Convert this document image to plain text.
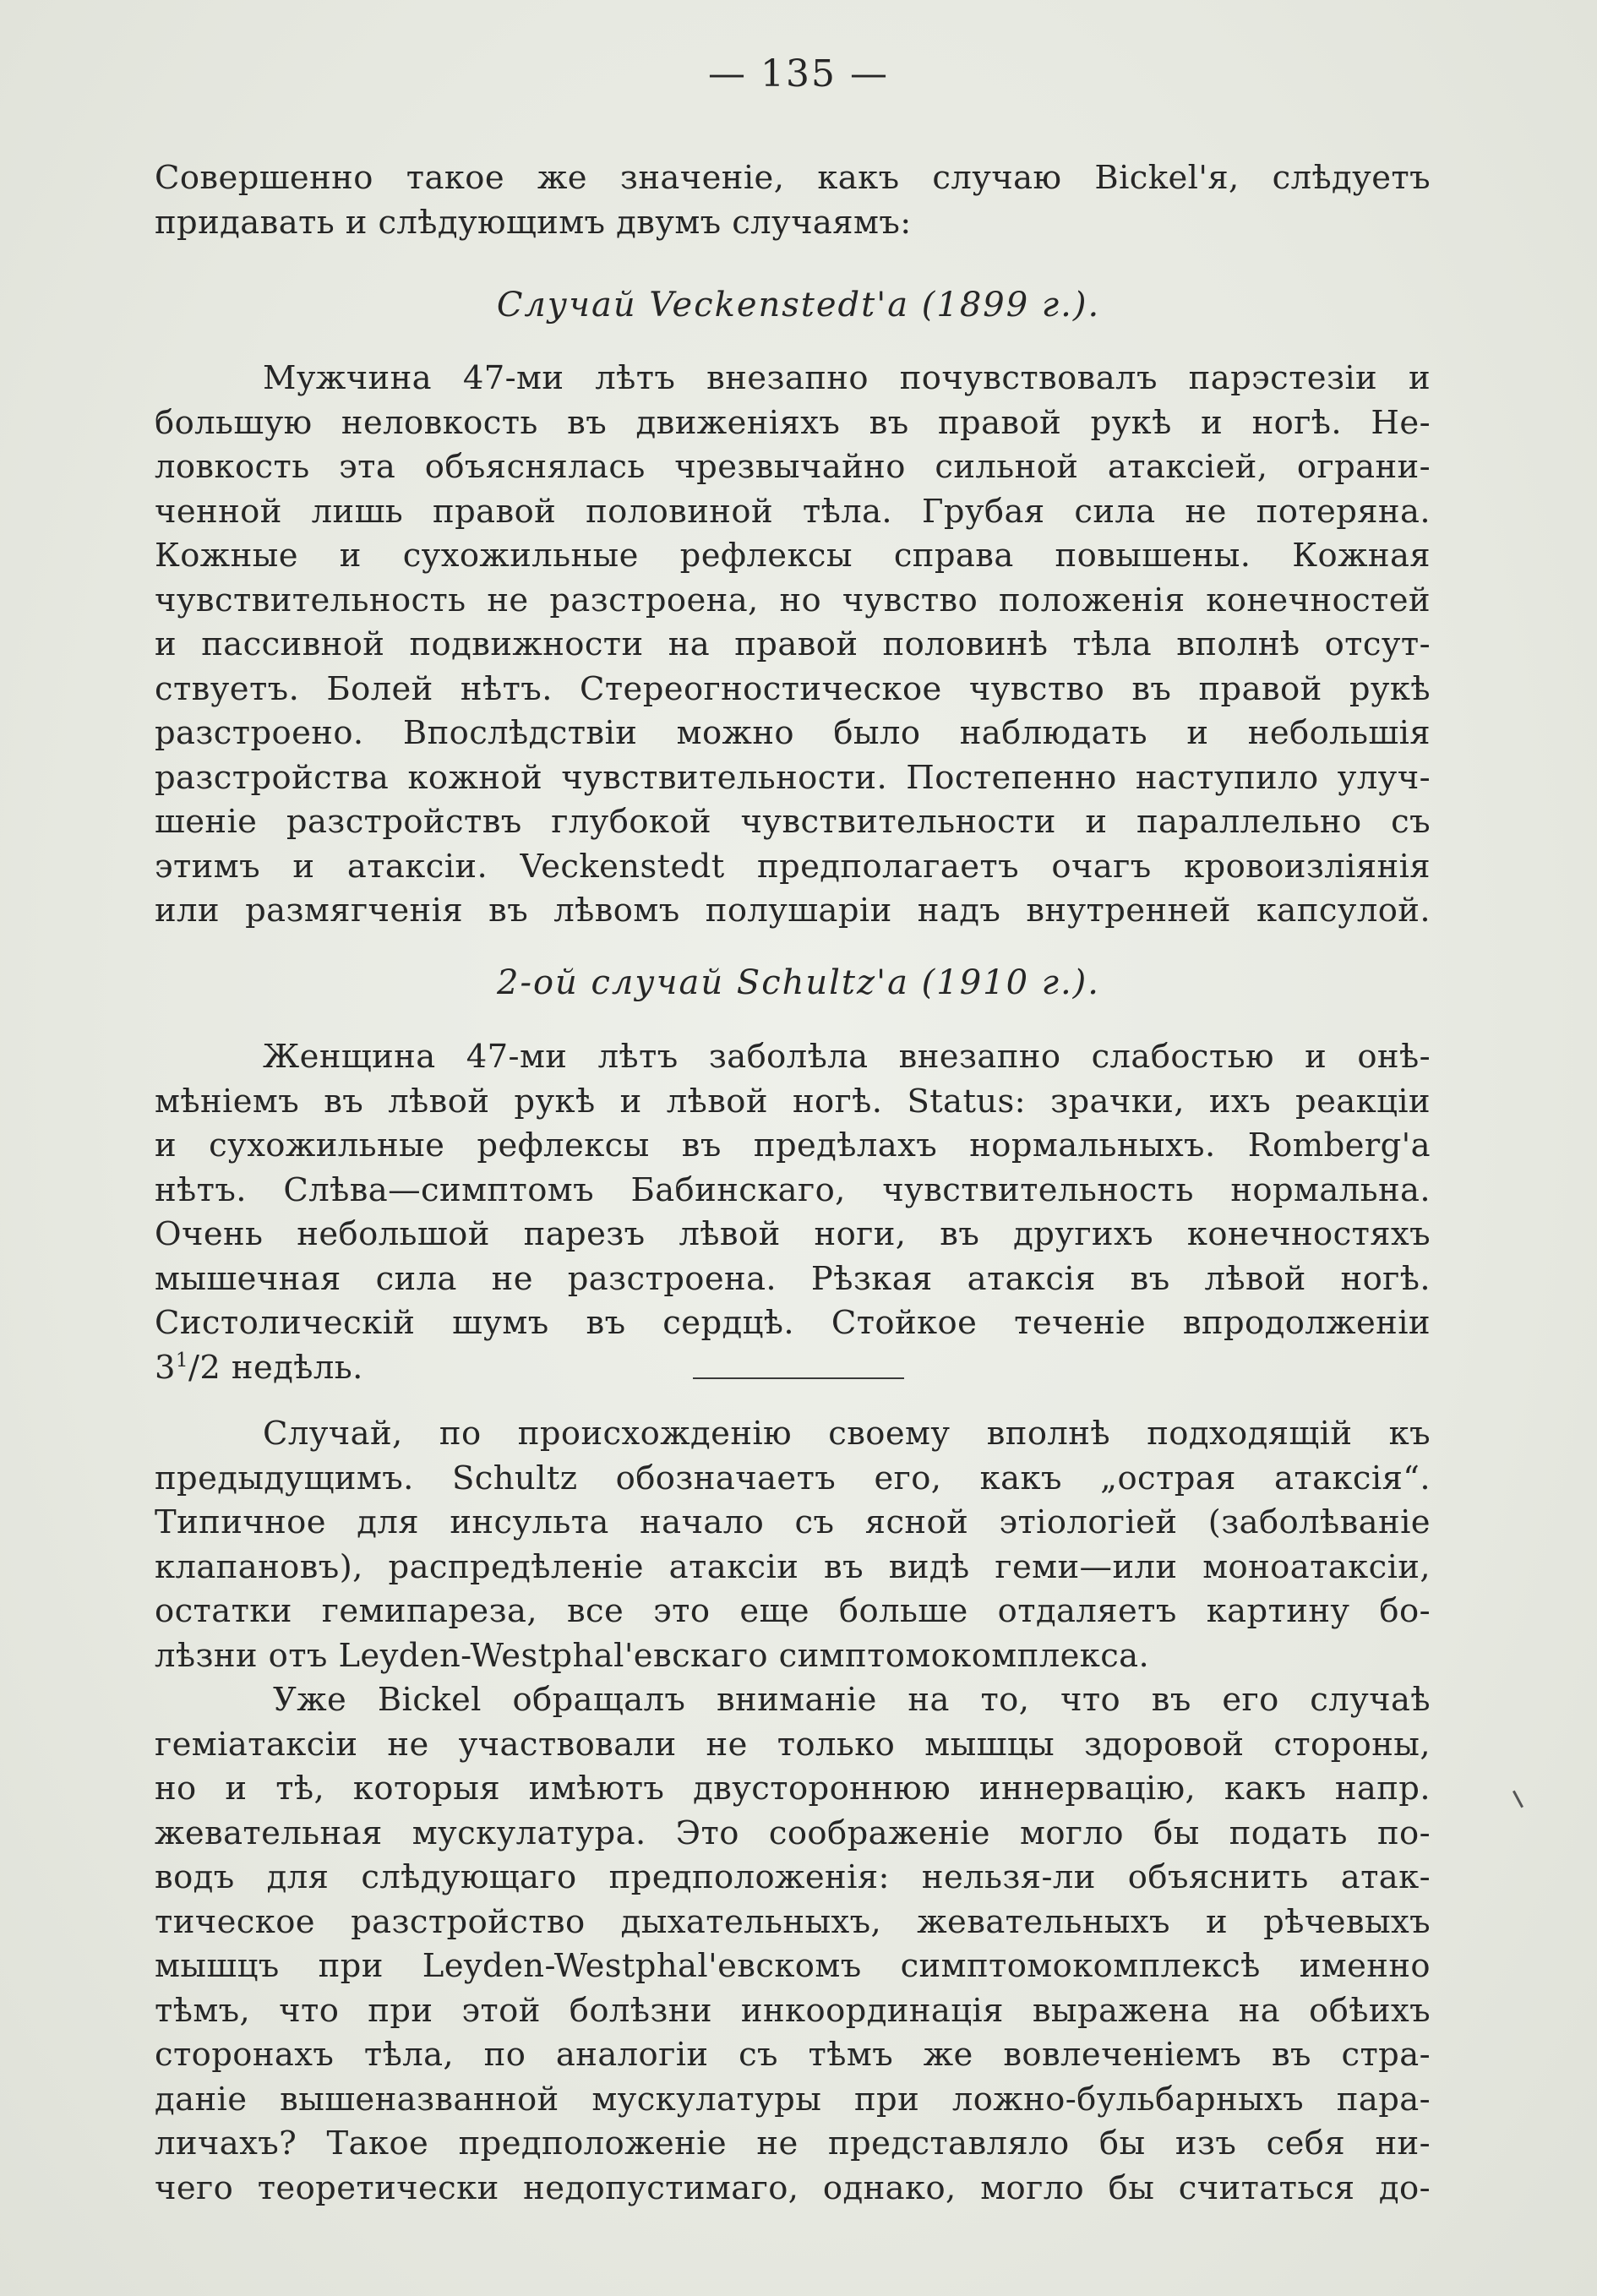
— 135 —
Совершенно такое же значеніе, какъ случаю Bickel'я, слѣдуетъ
придавать и слѣдующимъ двумъ случаямъ:
Случай Veckenstedt'a (1899 г.).
Мужчина 47-ми лѣтъ внезапно почувствовалъ парэстезіи и
большую неловкость въ движеніяхъ въ правой рукѣ и ногѣ. Не-
ловкость эта объяснялась чрезвычайно сильной атаксіей, ограни-
ченной лишь правой половиной тѣла. Грубая сила не потеряна.
Кожные и сухожильные рефлексы справа повышены. Кожная
чувствительность не разстроена, но чувство положенія конечностей
и пассивной подвижности на правой половинѣ тѣла вполнѣ отсут-
ствуетъ. Болей нѣтъ. Стереогностическое чувство въ правой рукѣ
разстроено. Впослѣдствіи можно было наблюдать и небольшія
разстройства кожной чувствительности. Постепенно наступило улуч-
шеніе разстройствъ глубокой чувствительности и параллельно съ
этимъ и атаксіи. Veckenstedt предполагаетъ очагъ кровоизліянія
или размягченія въ лѣвомъ полушаріи надъ внутренней капсулой.
2-ой случай Schultz'a (1910 г.).
Женщина 47-ми лѣтъ заболѣла внезапно слабостью и онѣ-
мѣніемъ въ лѣвой рукѣ и лѣвой ногѣ. Status: зрачки, ихъ реакціи
и сухожильные рефлексы въ предѣлахъ нормальныхъ. Romberg'a
нѣтъ. Слѣва—симптомъ Бабинскаго, чувствительность нормальна.
Очень небольшой парезъ лѣвой ноги, въ другихъ конечностяхъ
мышечная сила не разстроена. Рѣзкая атаксія въ лѣвой ногѣ.
Систолическій шумъ въ сердцѣ. Стойкое теченіе впродолженіи
$3^1/2$ недѣль.
Случай, по происхожденію своему вполнѣ подходящій къ
предыдущимъ. Schultz обозначаетъ его, какъ „острая атаксія“.
Типичное для инсульта начало съ ясной этіологіей (заболѣваніе
клапановъ), распредѣленіе атаксіи въ видѣ геми—или моноатаксіи,
остатки гемипареза, все это еще больше отдаляетъ картину бо-
лѣзни отъ Leyden-Westphal'евскаго симптомокомплекса.
Уже Bickel обращалъ вниманіе на то, что въ его случаѣ
геміатаксіи не участвовали не только мышцы здоровой стороны,
но и тѣ, которыя имѣютъ двустороннюю иннервацію, какъ напр.
жевательная мускулатура. Это соображеніе могло бы подать по-
водъ для слѣдующаго предположенія: нельзя-ли объяснить атак-
тическое разстройство дыхательныхъ, жевательныхъ и рѣчевыхъ
мышцъ при Leyden-Westphal'евскомъ симптомокомплексѣ именно
тѣмъ, что при этой болѣзни инкоординація выражена на обѣихъ
сторонахъ тѣла, по аналогіи съ тѣмъ же вовлеченіемъ въ стра-
даніе вышеназванной мускулатуры при ложно-бульбарныхъ пара-
личахъ? Такое предположеніе не представляло бы изъ себя ни-
чего теоретически недопустимаго, однако, могло бы считаться до-
